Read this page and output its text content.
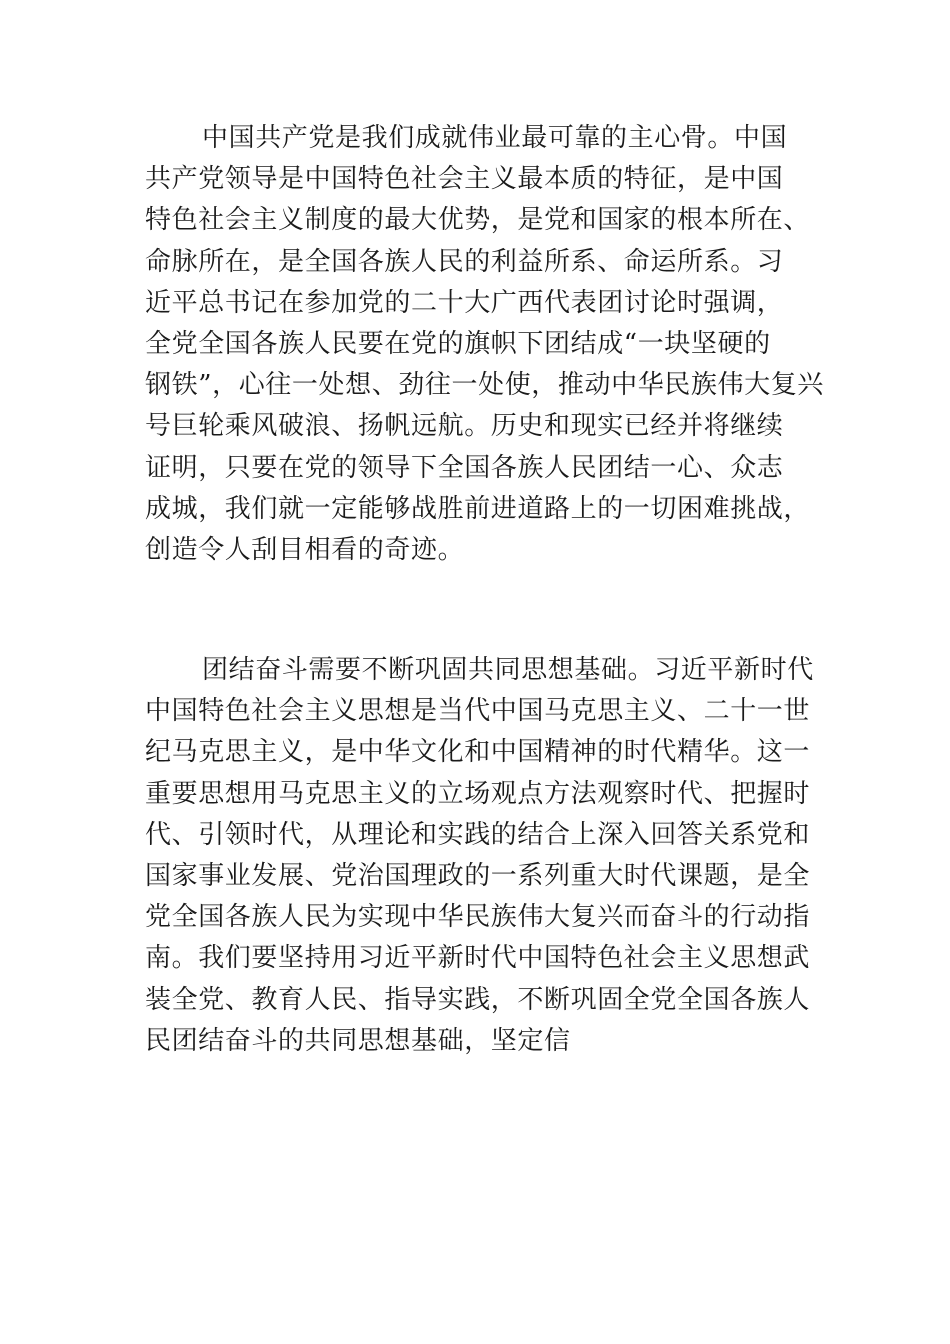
中国共产党是我们成就伟业最可靠的主心骨。中国
共产党领导是中国特色社会主义最本质的特征，是中国
特色社会主义制度的最大优势，是党和国家的根本所在、
命脉所在，是全国各族人民的利益所系、命运所系。习
近平总书记在参加党的二十大广西代表团讨论时强调，
全党全国各族人民要在党的旗帜下团结成“一块坚硬的
钢铁”，心往一处想、劲往一处使，推动中华民族伟大复兴
号巨轮乘风破浪、扬帆远航。历史和现实已经并将继续
证明，只要在党的领导下全国各族人民团结一心、众志
成城，我们就一定能够战胜前进道路上的一切困难挑战，
创造令人刮目相看的奇迹。
团结奋斗需要不断巩固共同思想基础。习近平新时代
中国特色社会主义思想是当代中国马克思主义、二十一世
纪马克思主义，是中华文化和中国精神的时代精华。这一
重要思想用马克思主义的立场观点方法观察时代、把握时
代、引领时代，从理论和实践的结合上深入回答关系党和
国家事业发展、党治国理政的一系列重大时代课题，是全
党全国各族人民为实现中华民族伟大复兴而奋斗的行动指
南。我们要坚持用习近平新时代中国特色社会主义思想武
装全党、教育人民、指导实践，不断巩固全党全国各族人
民团结奋斗的共同思想基础，坚定信
